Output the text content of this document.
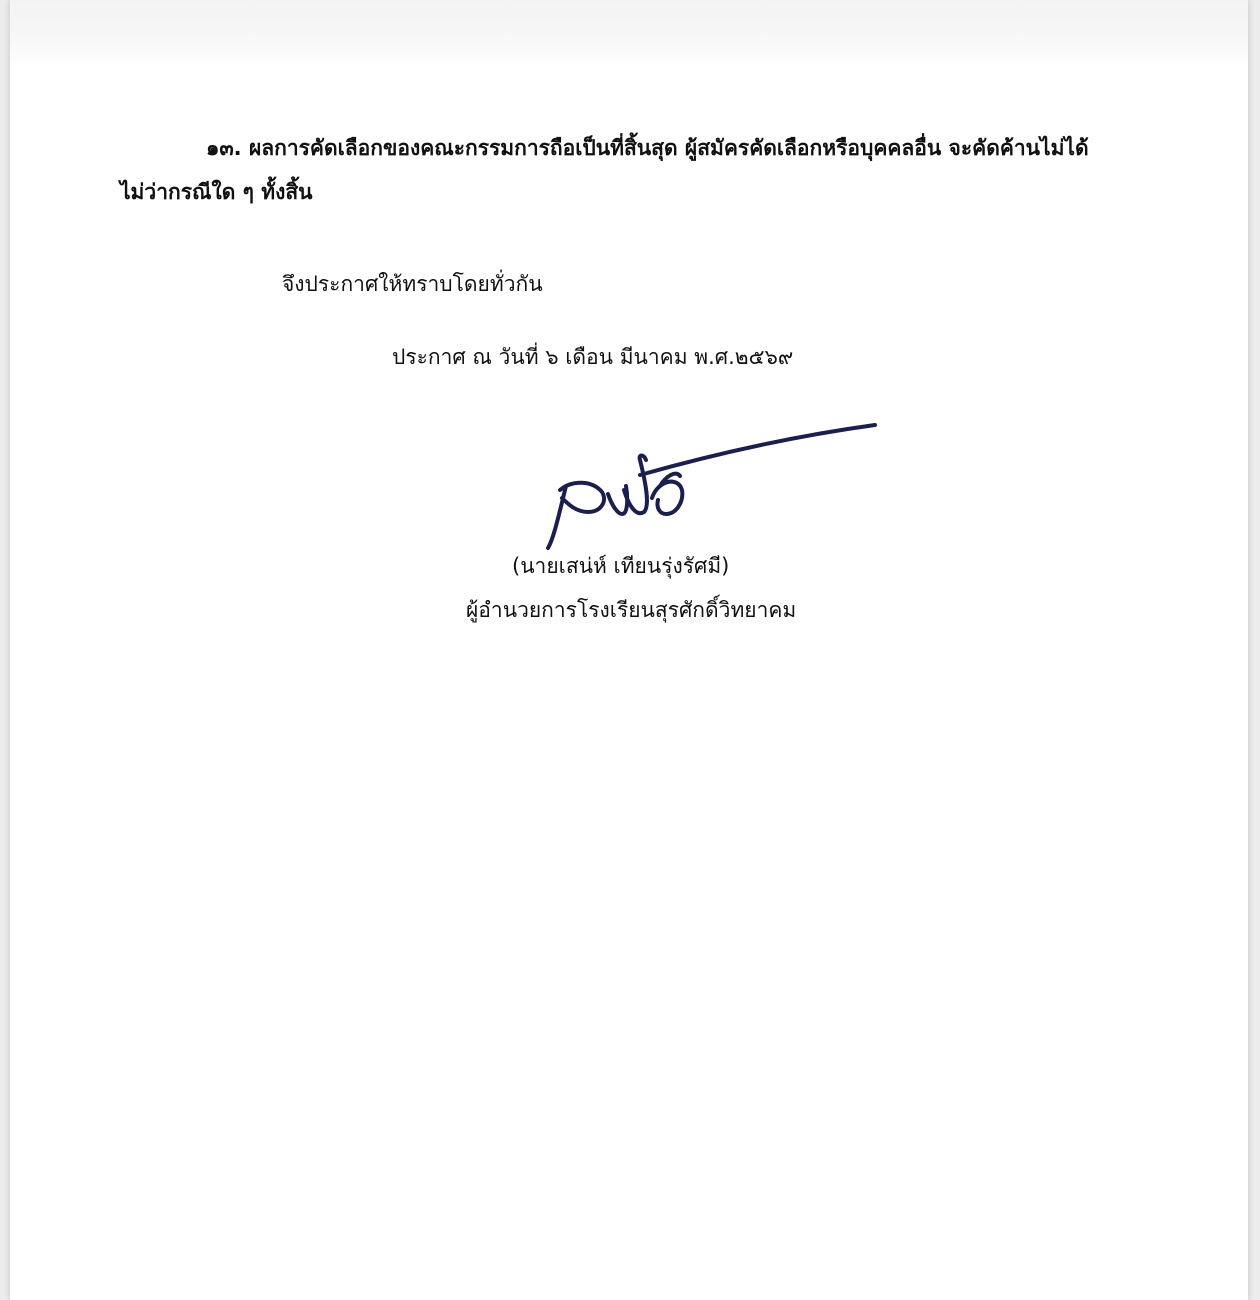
๑๓. ผลการคัดเลือกของคณะกรรมการถือเป็นที่สิ้นสุด ผู้สมัครคัดเลือกหรือบุคคลอื่น จะคัดค้านไม่ได้
ไม่ว่ากรณีใด ๆ ทั้งสิ้น
จึงประกาศให้ทราบโดยทั่วกัน
ประกาศ ณ วันที่ ๖ เดือน มีนาคม พ.ศ.๒๕๖๙
(นายเสน่ห์ เทียนรุ่งรัศมี)
ผู้อำนวยการโรงเรียนสุรศักดิ์วิทยาคม
